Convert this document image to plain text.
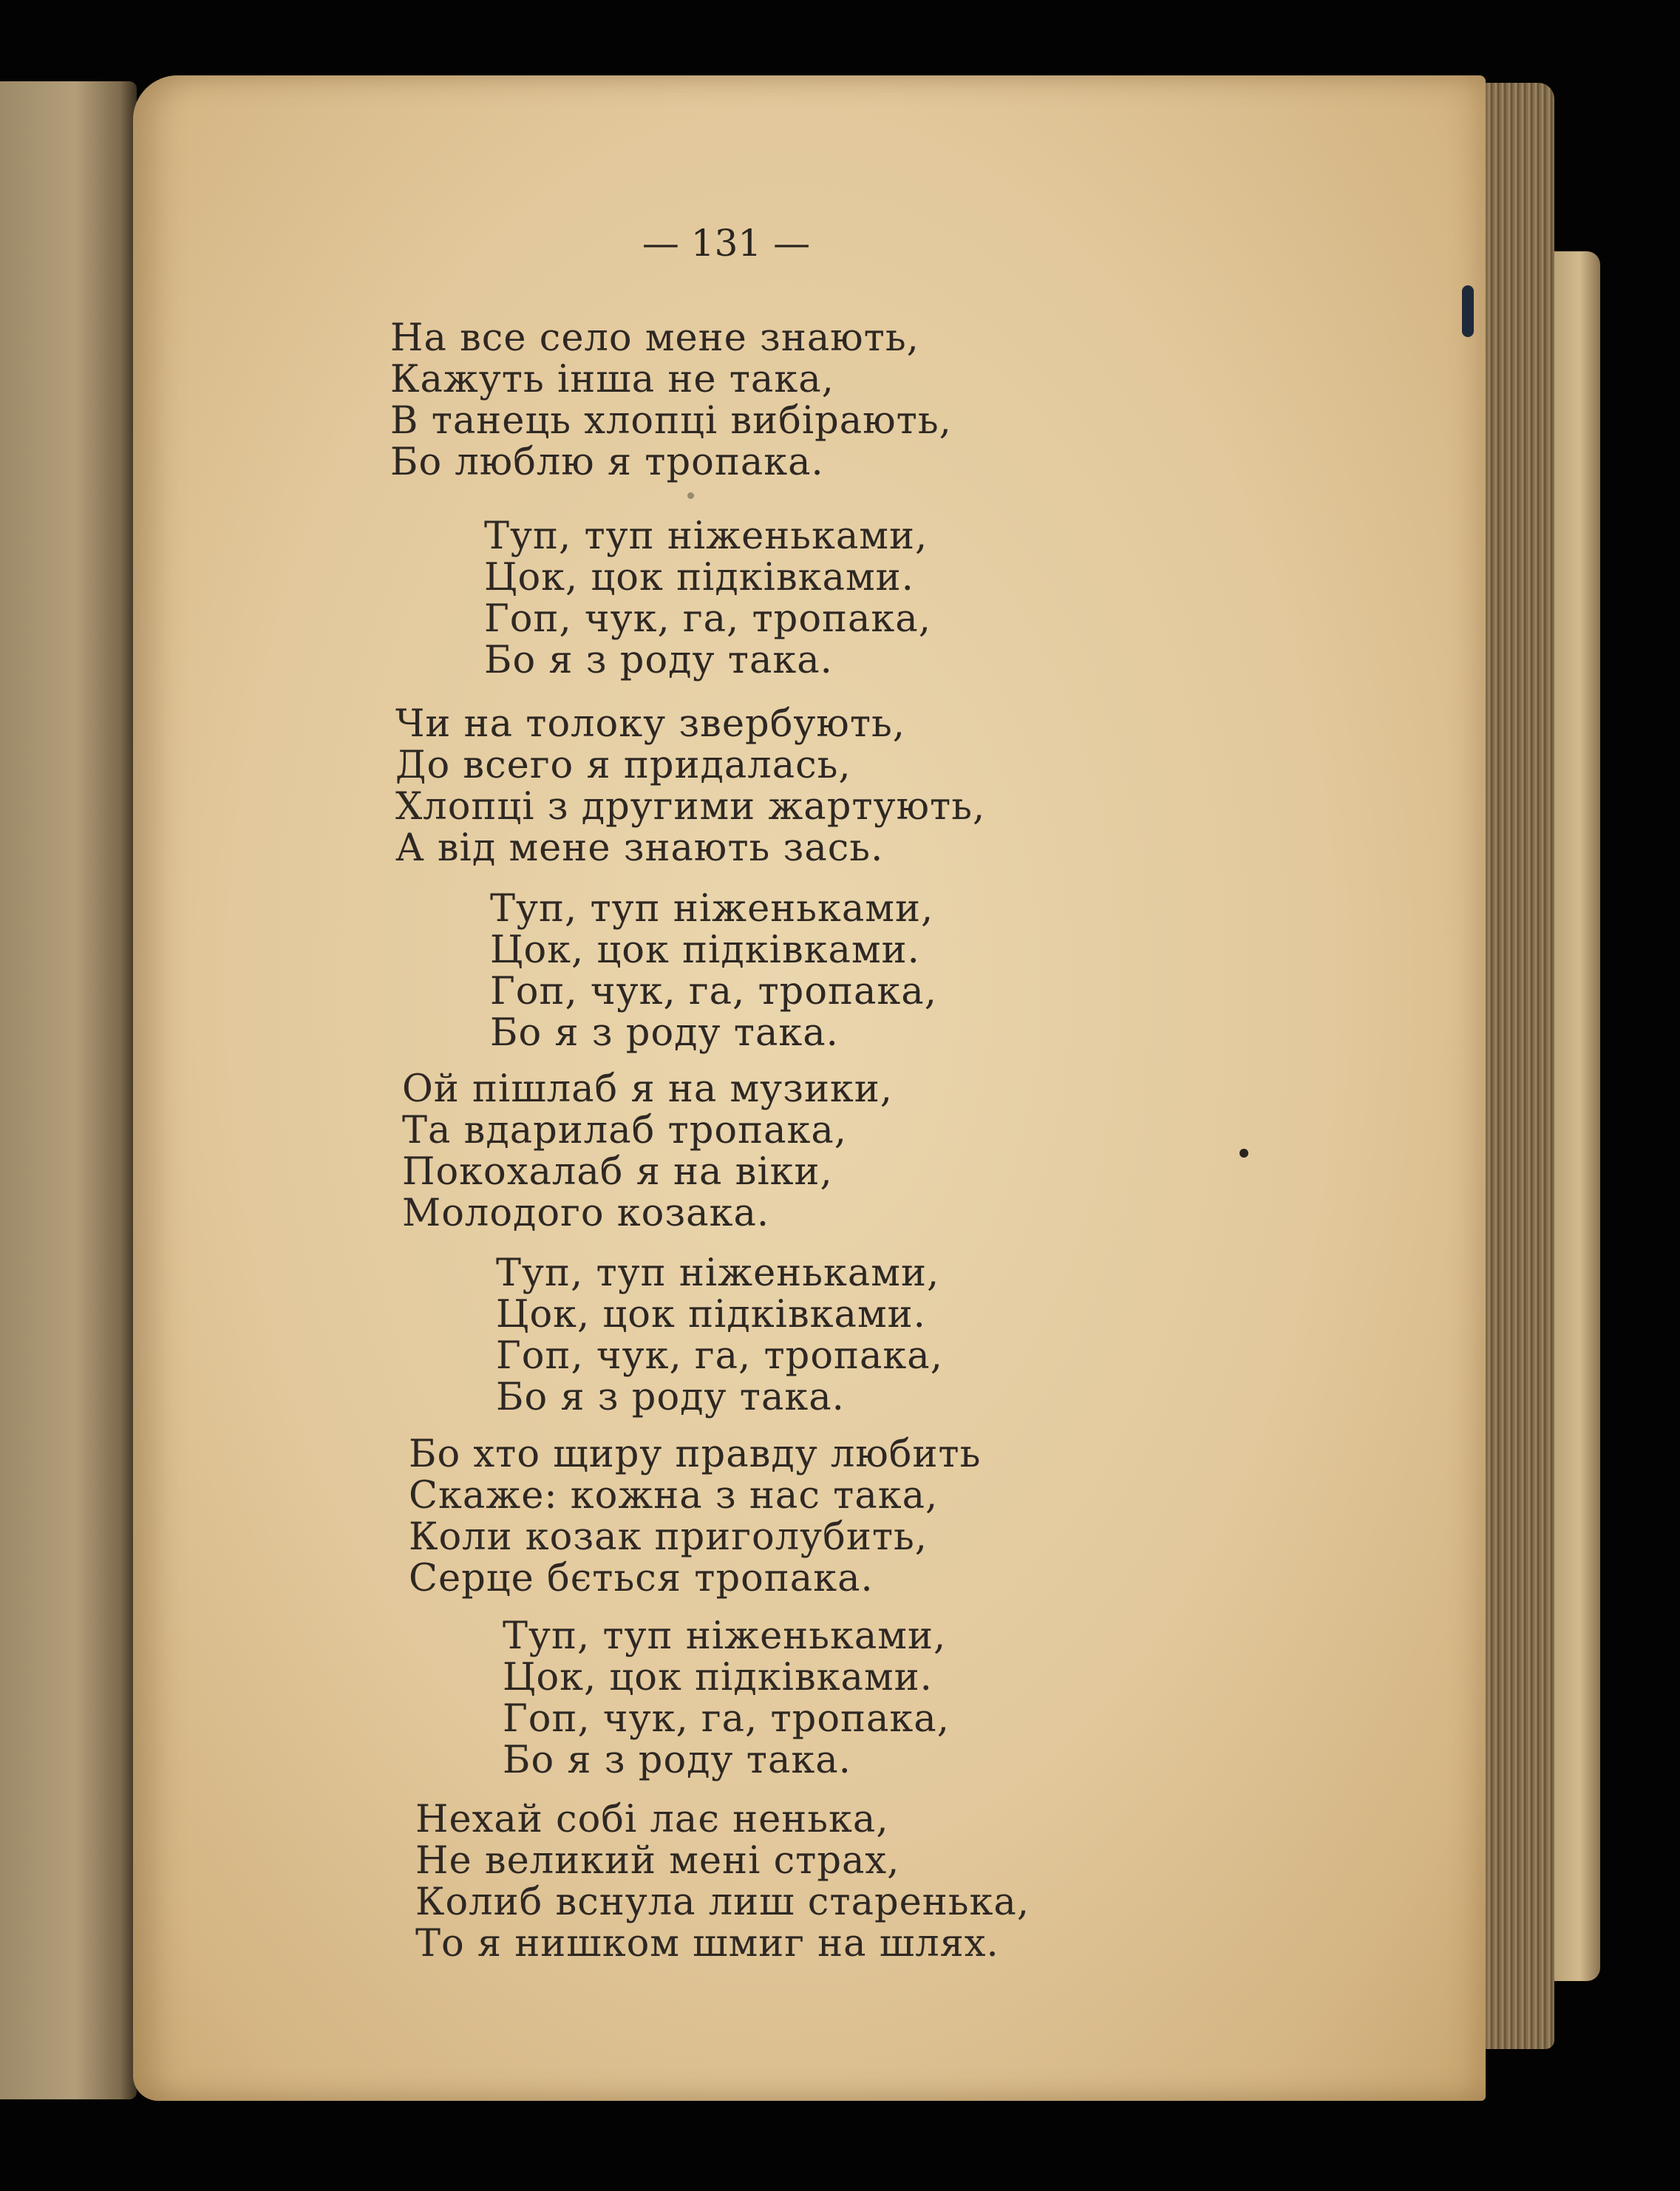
— 131 —
На все село мене знають,
Кажуть інша не така,
В танець хлопці вибірають,
Бо люблю я тропака.
Туп, туп ніженьками,
Цок, цок підківками.
Гоп, чук, га, тропака,
Бо я з роду така.
Чи на толоку звербують,
До всего я придалась,
Хлопці з другими жартують,
А від мене знають зась.
Туп, туп ніженьками,
Цок, цок підківками.
Гоп, чук, га, тропака,
Бо я з роду така.
Ой пішлаб я на музики,
Та вдарилаб тропака,
Покохалаб я на віки,
Молодого козака.
Туп, туп ніженьками,
Цок, цок підківками.
Гоп, чук, га, тропака,
Бо я з роду така.
Бо хто щиру правду любить
Скаже: кожна з нас така,
Коли козак приголубить,
Серце бється тропака.
Туп, туп ніженьками,
Цок, цок підківками.
Гоп, чук, га, тропака,
Бо я з роду така.
Нехай собі лає ненька,
Не великий мені страх,
Колиб вснула лиш старенька,
То я нишком шмиг на шлях.
